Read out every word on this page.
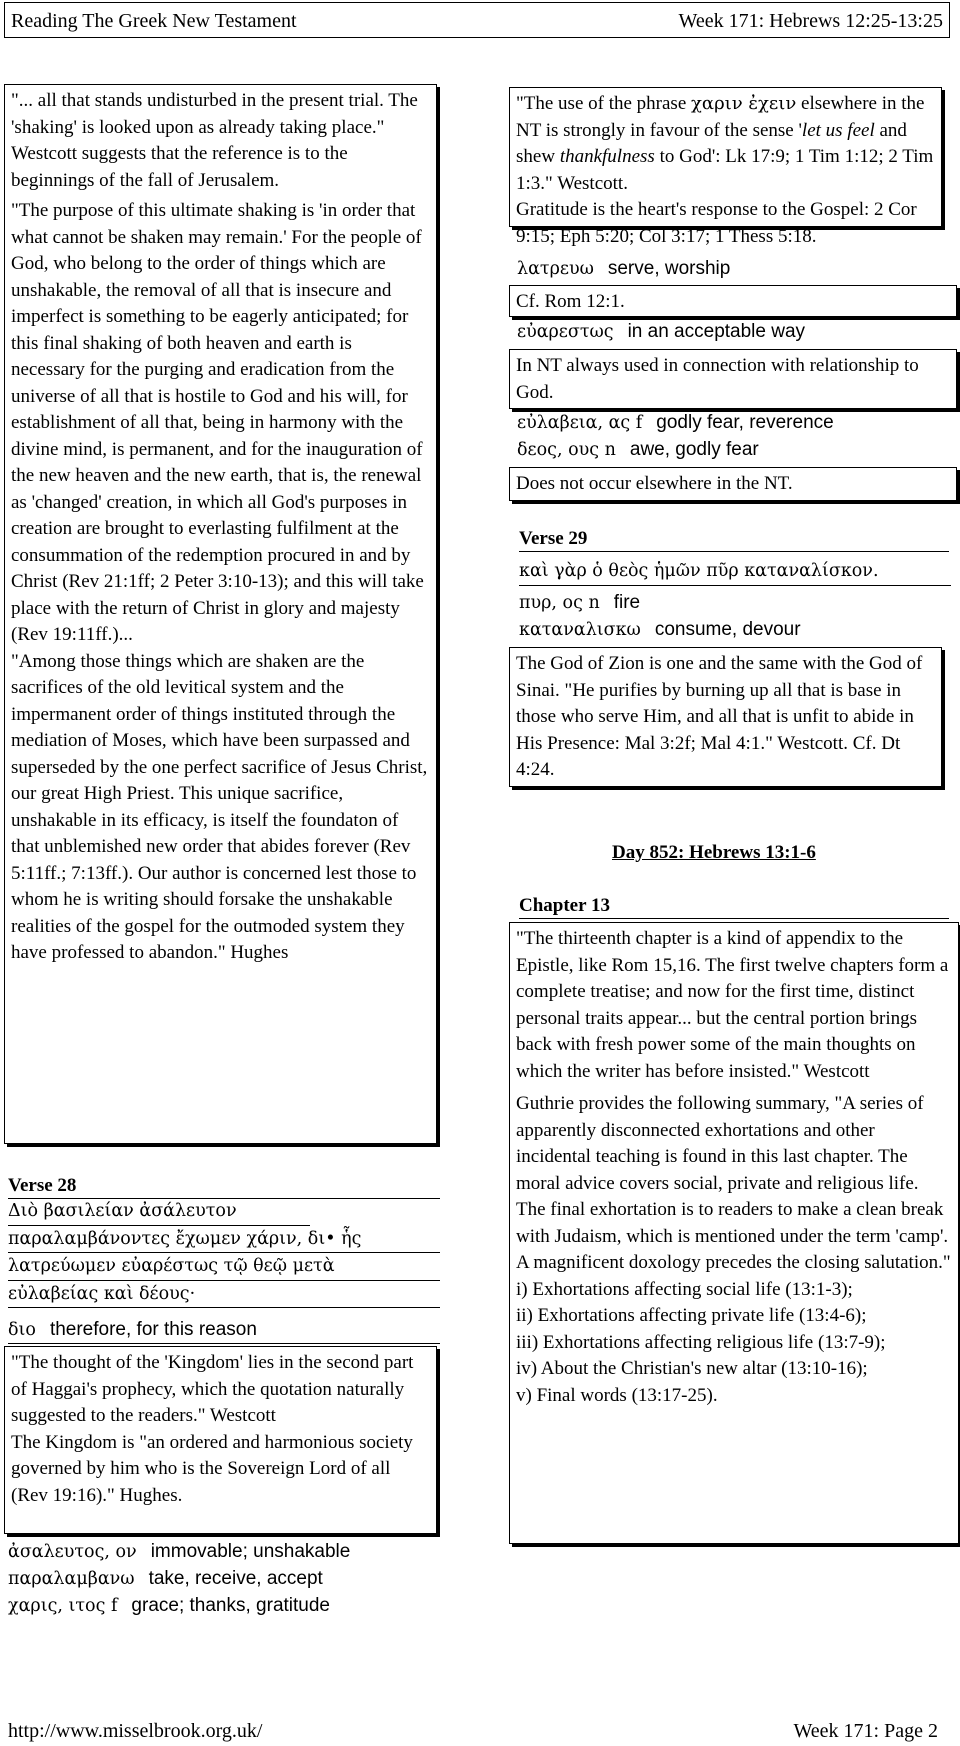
Reading The Greek New Testament	Week 171: Hebrews 12:25-13:25

"... all that stands undisturbed in the present trial. The 'shaking' is looked upon as already taking place." Westcott suggests that the reference is to the beginnings of the fall of Jerusalem.

"The purpose of this ultimate shaking is 'in order that what cannot be shaken may remain.' For the people of God, who belong to the order of things which are unshakable, the removal of all that is insecure and imperfect is something to be eagerly anticipated; for this final shaking of both heaven and earth is necessary for the purging and eradication from the universe of all that is hostile to God and his will, for establishment of all that, being in harmony with the divine mind, is permanent, and for the inauguration of the new heaven and the new earth, that is, the renewal as 'changed' creation, in which all God's purposes in creation are brought to everlasting fulfilment at the consummation of the redemption procured in and by Christ (Rev 21:1ff; 2 Peter 3:10-13); and this will take place with the return of Christ in glory and majesty (Rev 19:11ff.)...

"Among those things which are shaken are the sacrifices of the old levitical system and the impermanent order of things instituted through the mediation of Moses, which have been surpassed and superseded by the one perfect sacrifice of Jesus Christ, our great High Priest. This unique sacrifice, unshakable in its efficacy, is itself the foundaton of that unblemished new order that abides forever (Rev 5:11ff.; 7:13ff.). Our author is concerned lest those to whom he is writing should forsake the unshakable realities of the gospel for the outmoded system they have professed to abandon." Hughes

Verse 28
Διὸ βασιλείαν ἀσάλευτον
παραλαμβάνοντες ἔχωμεν χάριν, δι• ἧς
λατρεύωμεν εὐαρέστως τῷ θεῷ μετὰ
εὐλαβείας καὶ δέους·
διο therefore, for this reason

"The thought of the 'Kingdom' lies in the second part of Haggai's prophecy, which the quotation naturally suggested to the readers." Westcott

The Kingdom is "an ordered and harmonious society governed by him who is the Sovereign Lord of all (Rev 19:16)." Hughes.

ἀσαλευτος, ον immovable; unshakable
παραλαμβανω take, receive, accept
χαρις, ιτος f grace; thanks, gratitude

"The use of the phrase χαριν ἐχειν elsewhere in the NT is strongly in favour of the sense 'let us feel and shew thankfulness to God': Lk 17:9; 1 Tim 1:12; 2 Tim 1:3." Westcott.

Gratitude is the heart's response to the Gospel: 2 Cor 9:15; Eph 5:20; Col 3:17; 1 Thess 5:18.

λατρευω serve, worship

Cf. Rom 12:1.

εὐαρεστως in an acceptable way

In NT always used in connection with relationship to God.

εὐλαβεια, ας f godly fear, reverence
δεος, ους n awe, godly fear

Does not occur elsewhere in the NT.

Verse 29
καὶ γὰρ ὁ θεὸς ἡμῶν πῦρ καταναλίσκον.
πυρ, ος n fire
καταναλισκω consume, devour

The God of Zion is one and the same with the God of Sinai. "He purifies by burning up all that is base in those who serve Him, and all that is unfit to abide in His Presence: Mal 3:2f; Mal 4:1." Westcott. Cf. Dt 4:24.

Day 852: Hebrews 13:1-6
Chapter 13

"The thirteenth chapter is a kind of appendix to the Epistle, like Rom 15,16. The first twelve chapters form a complete treatise; and now for the first time, distinct personal traits appear... but the central portion brings back with fresh power some of the main thoughts on which the writer has before insisted." Westcott

Guthrie provides the following summary, "A series of apparently disconnected exhortations and other incidental teaching is found in this last chapter. The moral advice covers social, private and religious life. The final exhortation is to readers to make a clean break with Judaism, which is mentioned under the term 'camp'. A magnificent doxology precedes the closing salutation."

i) Exhortations affecting social life (13:1-3);
ii) Exhortations affecting private life (13:4-6);
iii) Exhortations affecting religious life (13:7-9);
iv) About the Christian's new altar (13:10-16);
v) Final words (13:17-25).
http://www.misselbrook.org.uk/	Week 171: Page 2
